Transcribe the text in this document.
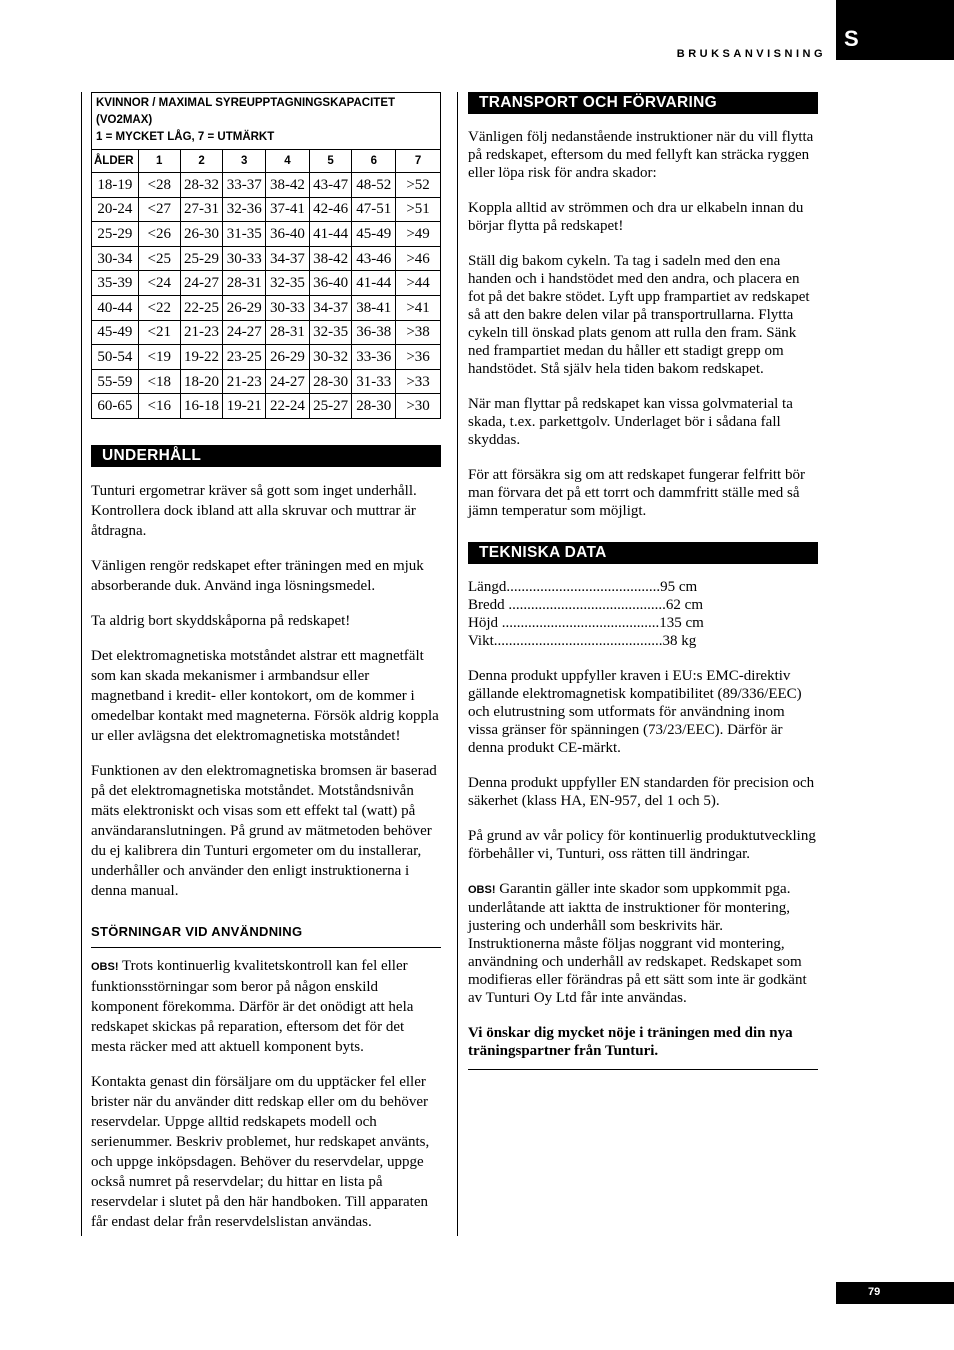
BRUKSANVISNING
S
KVINNOR / MAXIMAL SYREUPPTAGNINGSKAPACITET
(VO2MAX)
1 = MYCKET LÅG, 7 = UTMÄRKT							

ÅLDER	1	2	3	4	5	6	7
18-19	<28	28-32	33-37	38-42	43-47	48-52	>52
20-24	<27	27-31	32-36	37-41	42-46	47-51	>51
25-29	<26	26-30	31-35	36-40	41-44	45-49	>49
30-34	<25	25-29	30-33	34-37	38-42	43-46	>46
35-39	<24	24-27	28-31	32-35	36-40	41-44	>44
40-44	<22	22-25	26-29	30-33	34-37	38-41	>41
45-49	<21	21-23	24-27	28-31	32-35	36-38	>38
50-54	<19	19-22	23-25	26-29	30-32	33-36	>36
55-59	<18	18-20	21-23	24-27	28-30	31-33	>33
60-65	<16	16-18	19-21	22-24	25-27	28-30	>30
UNDERHÅLL

Tunturi ergometrar kräver så gott som inget underhåll. Kontrollera dock ibland att alla skruvar och muttrar är åtdragna.

Vänligen rengör redskapet efter träningen med en mjuk absorberande duk. Använd inga lösningsmedel.

Ta aldrig bort skyddskåporna på redskapet!

Det elektromagnetiska motståndet alstrar ett magnetfält som kan skada mekanismer i armbandsur eller magnetband i kredit- eller kontokort, om de kommer i omedelbar kontakt med magneterna. Försök aldrig koppla ur eller avlägsna det elektromagnetiska motståndet!

Funktionen av den elektromagnetiska bromsen är baserad på det elektromagnetiska motståndet. Motståndsnivån mäts elektroniskt och visas som ett effekt tal (watt) på användaranslutningen. På grund av mätmetoden behöver du ej kalibrera din Tunturi ergometer om du installerar, underhåller och använder den enligt instruktionerna i denna manual.

STÖRNINGAR VID ANVÄNDNING

OBS! Trots kontinuerlig kvalitetskontroll kan fel eller funktionsstörningar som beror på någon enskild komponent förekomma. Därför är det onödigt att hela redskapet skickas på reparation, eftersom det för det mesta räcker med att aktuell komponent byts.

Kontakta genast din försäljare om du upptäcker fel eller brister när du använder ditt redskap eller om du behöver reservdelar. Uppge alltid redskapets modell och serienummer. Beskriv problemet, hur redskapet använts, och uppge inköpsdagen. Behöver du reservdelar, uppge också numret på reservdelar; du hittar en lista på reservdelar i slutet på den här handboken. Till apparaten får endast delar från reservdelslistan användas.

TRANSPORT OCH FÖRVARING

Vänligen följ nedanstående instruktioner när du vill flytta på redskapet, eftersom du med fellyft kan sträcka ryggen eller löpa risk för andra skador:

Koppla alltid av strömmen och dra ur elkabeln innan du börjar flytta på redskapet!

Ställ dig bakom cykeln. Ta tag i sadeln med den ena handen och i handstödet med den andra, och placera en fot på det bakre stödet. Lyft upp frampartiet av redskapet så att den bakre delen vilar på transportrullarna. Flytta cykeln till önskad plats genom att rulla den fram. Sänk ned frampartiet medan du håller ett stadigt grepp om handstödet. Stå själv hela tiden bakom redskapet.

När man flyttar på redskapet kan vissa golvmaterial ta skada, t.ex. parkettgolv. Underlaget bör i sådana fall skyddas.

För att försäkra sig om att redskapet fungerar felfritt bör man förvara det på ett torrt och dammfritt ställe med så jämn temperatur som möjligt.

TEKNISKA DATA
Längd.........................................95 cm
Bredd ..........................................62 cm
Höjd ..........................................135 cm
Vikt.............................................38 kg

Denna produkt uppfyller kraven i EU:s EMC-direktiv gällande elektromagnetisk kompatibilitet (89/336/EEC) och elutrustning som utformats för användning inom vissa gränser för spänningen (73/23/EEC). Därför är denna produkt CE-märkt.

Denna produkt uppfyller EN standarden för precision och säkerhet (klass HA, EN-957, del 1 och 5).

På grund av vår policy för kontinuerlig produktutveckling förbehåller vi, Tunturi, oss rätten till ändringar.

OBS! Garantin gäller inte skador som uppkommit pga. underlåtande att iaktta de instruktioner för montering, justering och underhåll som beskrivits här. Instruktionerna måste följas noggrant vid montering, användning och underhåll av redskapet. Redskapet som modifieras eller förändras på ett sätt som inte är godkänt av Tunturi Oy Ltd får inte användas.

Vi önskar dig mycket nöje i träningen med din nya träningspartner från Tunturi.

79
